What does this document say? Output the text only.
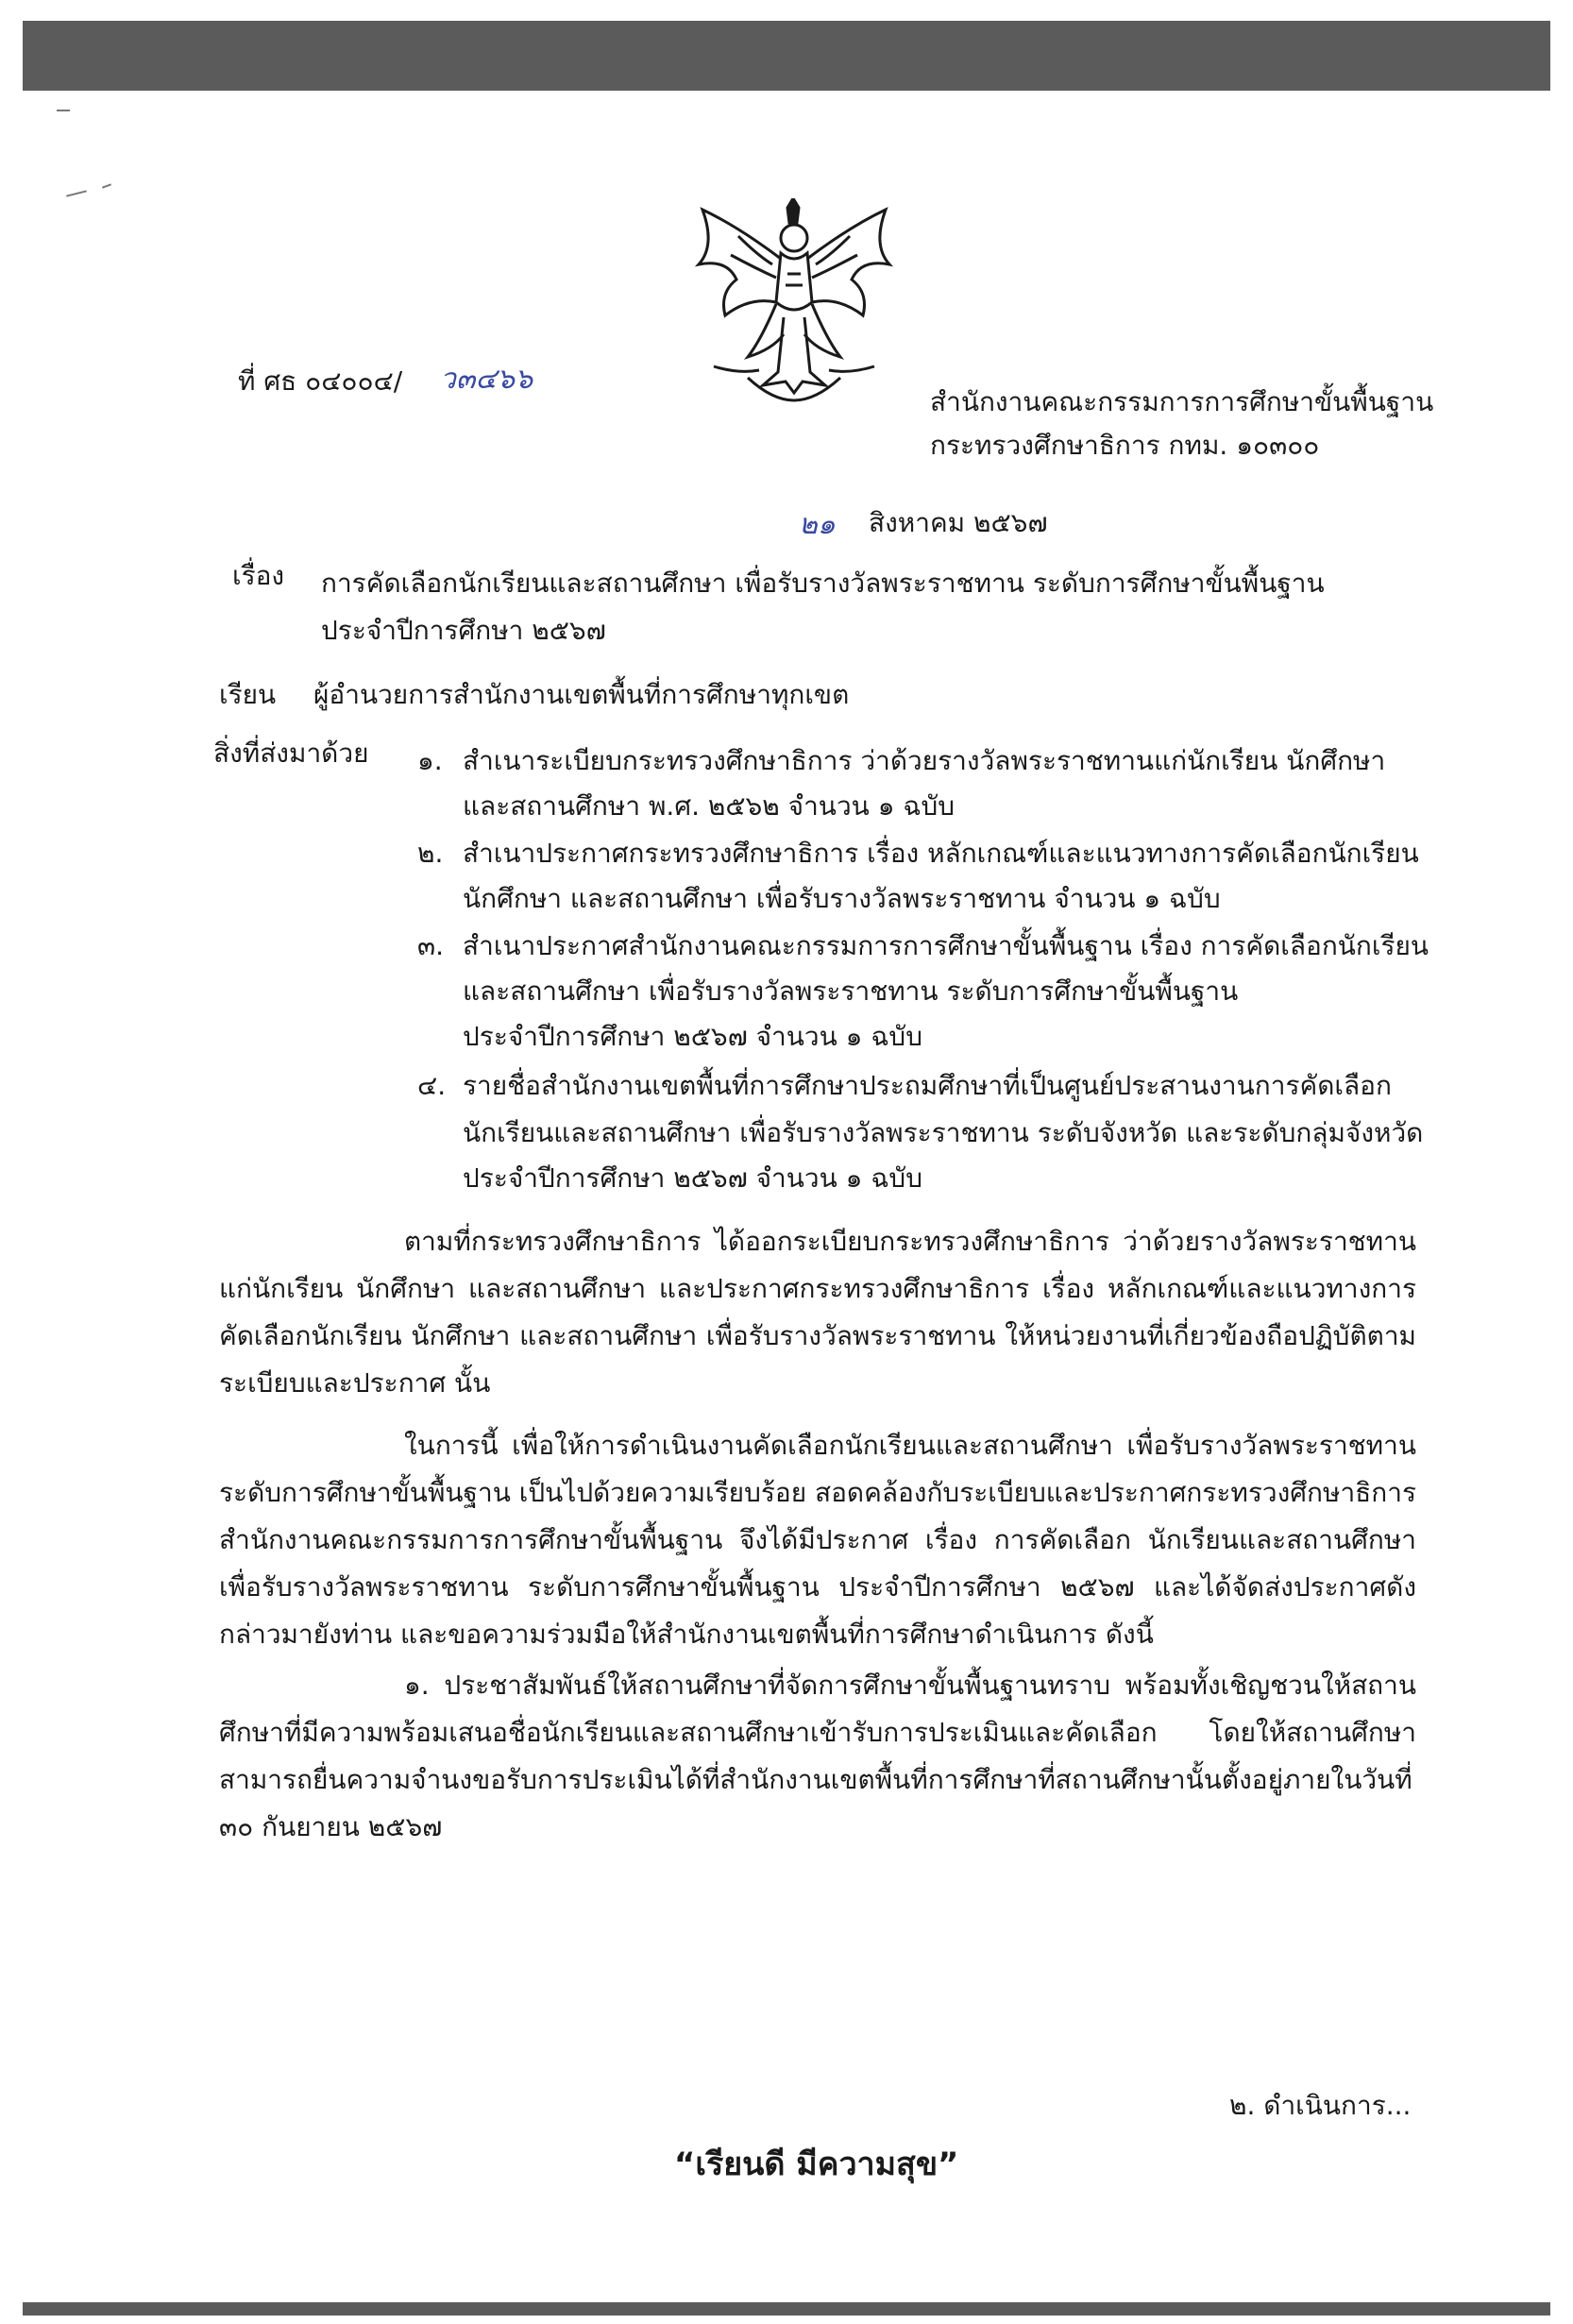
ที่ ศธ ๐๔๐๐๔/ ว๓๔๖๖
สำนักงานคณะกรรมการการศึกษาขั้นพื้นฐาน
กระทรวงศึกษาธิการ กทม. ๑๐๓๐๐
๒๑ สิงหาคม ๒๕๖๗
เรื่อง การคัดเลือกนักเรียนและสถานศึกษา เพื่อรับรางวัลพระราชทาน ระดับการศึกษาขั้นพื้นฐาน
ประจำปีการศึกษา ๒๕๖๗
เรียน ผู้อำนวยการสำนักงานเขตพื้นที่การศึกษาทุกเขต
สิ่งที่ส่งมาด้วย ๑. สำเนาระเบียบกระทรวงศึกษาธิการ ว่าด้วยรางวัลพระราชทานแก่นักเรียน นักศึกษา
และสถานศึกษา พ.ศ. ๒๕๖๒ จำนวน ๑ ฉบับ
๒. สำเนาประกาศกระทรวงศึกษาธิการ เรื่อง หลักเกณฑ์และแนวทางการคัดเลือกนักเรียน
นักศึกษา และสถานศึกษา เพื่อรับรางวัลพระราชทาน จำนวน ๑ ฉบับ
๓. สำเนาประกาศสำนักงานคณะกรรมการการศึกษาขั้นพื้นฐาน เรื่อง การคัดเลือกนักเรียน
และสถานศึกษา เพื่อรับรางวัลพระราชทาน ระดับการศึกษาขั้นพื้นฐาน
ประจำปีการศึกษา ๒๕๖๗ จำนวน ๑ ฉบับ
๔. รายชื่อสำนักงานเขตพื้นที่การศึกษาประถมศึกษาที่เป็นศูนย์ประสานงานการคัดเลือก
นักเรียนและสถานศึกษา เพื่อรับรางวัลพระราชทาน ระดับจังหวัด และระดับกลุ่มจังหวัด
ประจำปีการศึกษา ๒๕๖๗ จำนวน ๑ ฉบับ
ตามที่กระทรวงศึกษาธิการ ได้ออกระเบียบกระทรวงศึกษาธิการ ว่าด้วยรางวัลพระราชทานแก่นักเรียน นักศึกษา และสถานศึกษา และประกาศกระทรวงศึกษาธิการ เรื่อง หลักเกณฑ์และแนวทางการคัดเลือกนักเรียน นักศึกษา และสถานศึกษา เพื่อรับรางวัลพระราชทาน ให้หน่วยงานที่เกี่ยวข้องถือปฏิบัติตามระเบียบและประกาศ นั้น
ในการนี้ เพื่อให้การดำเนินงานคัดเลือกนักเรียนและสถานศึกษา เพื่อรับรางวัลพระราชทานระดับการศึกษาขั้นพื้นฐาน เป็นไปด้วยความเรียบร้อย สอดคล้องกับระเบียบและประกาศกระทรวงศึกษาธิการ สำนักงานคณะกรรมการการศึกษาขั้นพื้นฐาน จึงได้มีประกาศ เรื่อง การคัดเลือก นักเรียนและสถานศึกษาเพื่อรับรางวัลพระราชทาน ระดับการศึกษาขั้นพื้นฐาน ประจำปีการศึกษา ๒๕๖๗ และได้จัดส่งประกาศดังกล่าวมายังท่าน และขอความร่วมมือให้สำนักงานเขตพื้นที่การศึกษาดำเนินการ ดังนี้
๑. ประชาสัมพันธ์ให้สถานศึกษาที่จัดการศึกษาขั้นพื้นฐานทราบ พร้อมทั้งเชิญชวนให้สถานศึกษาที่มีความพร้อมเสนอชื่อนักเรียนและสถานศึกษาเข้ารับการประเมินและคัดเลือก โดยให้สถานศึกษาสามารถยื่นความจำนงขอรับการประเมินได้ที่สำนักงานเขตพื้นที่การศึกษาที่สถานศึกษานั้นตั้งอยู่ภายในวันที่ ๓๐ กันยายน ๒๕๖๗
๒. ดำเนินการ...
“เรียนดี มีความสุข”
